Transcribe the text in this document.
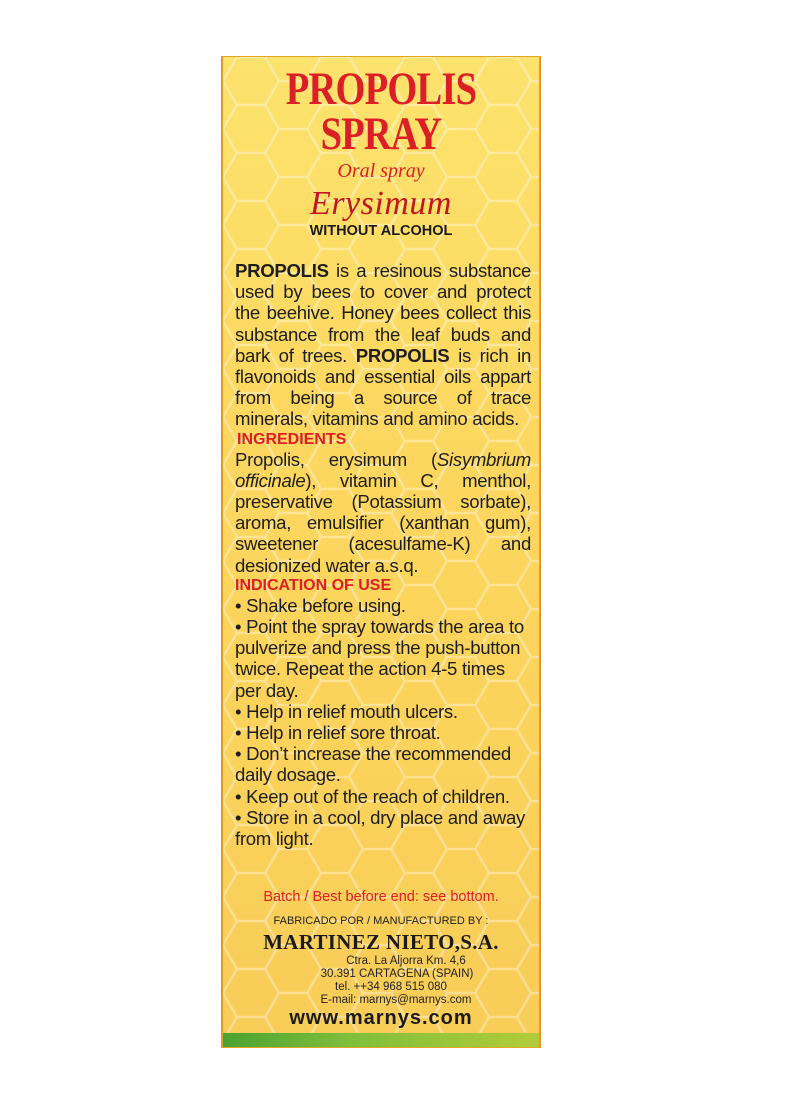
PROPOLIS
SPRAY
Oral spray
Erysimum
WITHOUT ALCOHOL

PROPOLIS is a resinous substance used by bees to cover and protect the beehive. Honey bees collect this substance from the leaf buds and bark of trees. PROPOLIS is rich in flavonoids and essential oils appart from being a source of trace minerals, vitamins and amino acids.

INGREDIENTS

Propolis, erysimum (Sisymbrium officinale), vitamin C, menthol, preservative (Potassium sorbate), aroma, emulsifier (xanthan gum), sweetener (acesulfame-K) and desionized water a.s.q.

INDICATION OF USE
• Shake before using.
• Point the spray towards the area to pulverize and press the push-button twice. Repeat the action 4-5 times per day.
• Help in relief mouth ulcers.
• Help in relief sore throat.
• Don’t increase the recommended daily dosage.
• Keep out of the reach of children.
• Store in a cool, dry place and away from light.
Batch / Best before end: see bottom.
FABRICADO POR / MANUFACTURED BY :
MARTINEZ NIETO,S.A.
Ctra. La Aljorra Km. 4,6
30.391 CARTAGENA (SPAIN)
tel. ++34 968 515 080
E-mail: marnys@marnys.com
www.marnys.com
